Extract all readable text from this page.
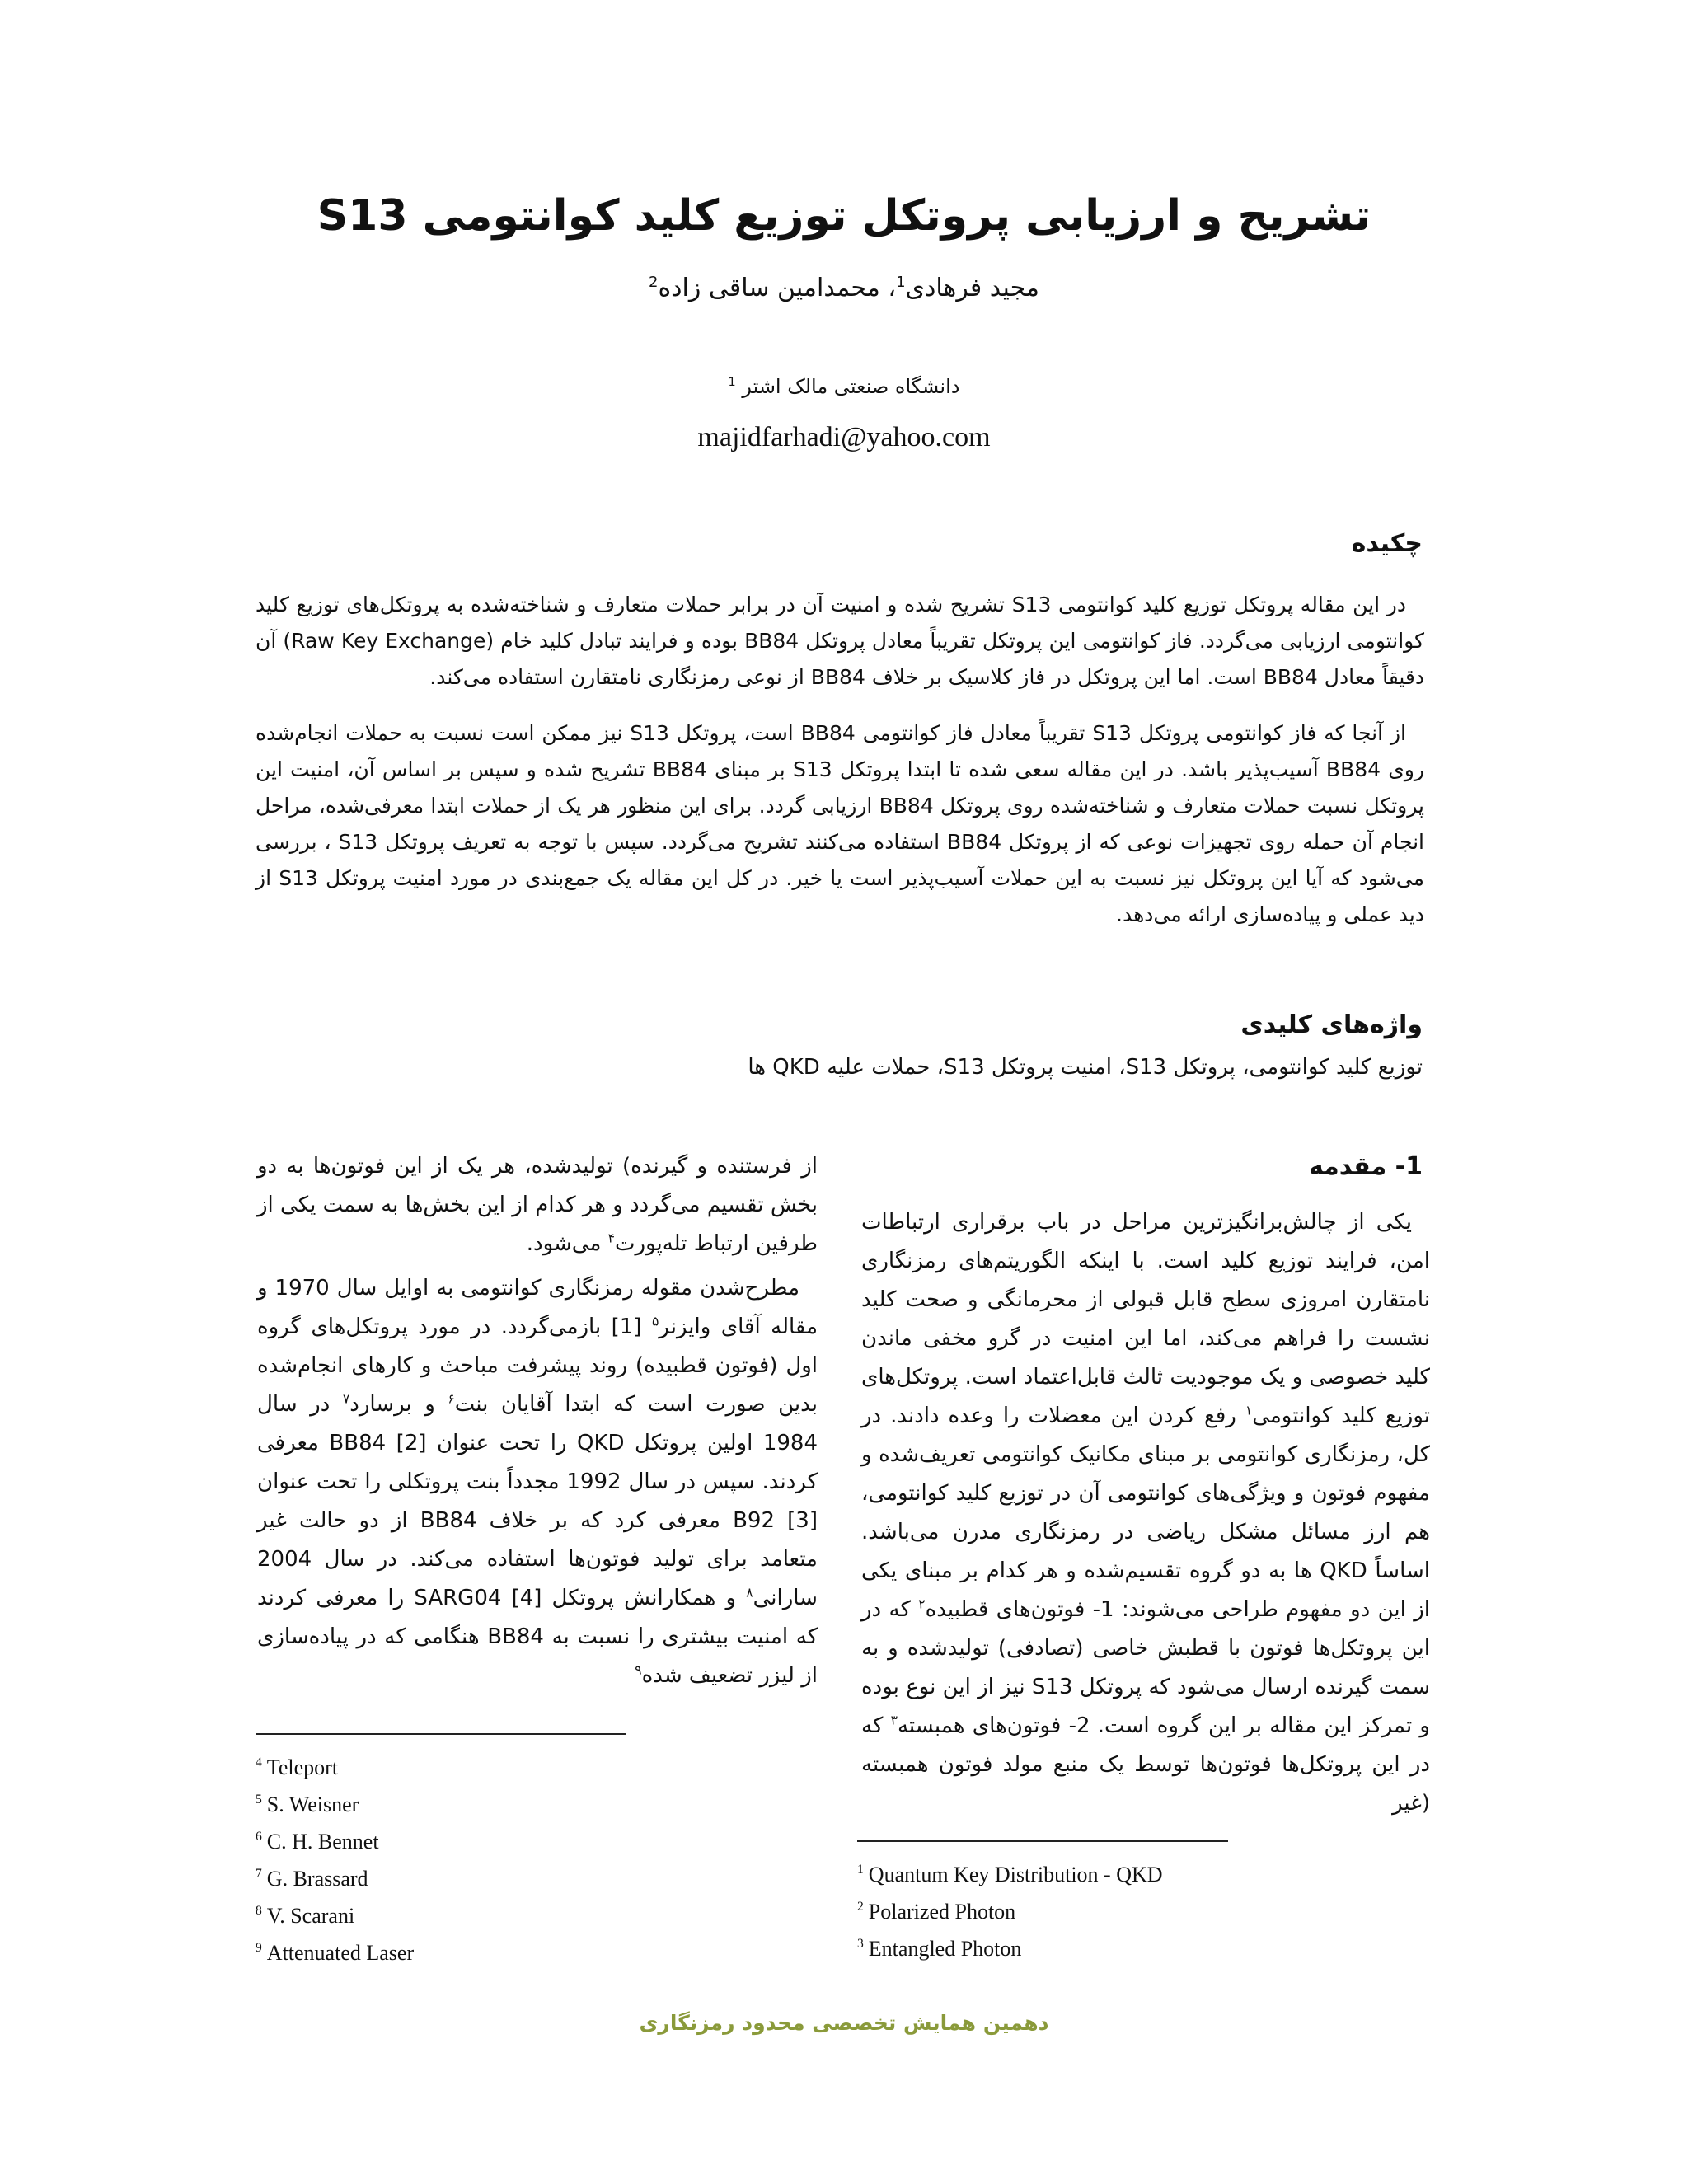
تشریح و ارزیابی پروتکل توزیع کلید کوانتومی S13
مجید فرهادی$^1$، محمدامین ساقی زاده$^2$
دانشگاه صنعتی مالک اشتر $^1$
majidfarhadi@yahoo.com
چکیده
در این مقاله پروتکل توزیع کلید کوانتومی S13 تشریح شده و امنیت آن در برابر حملات متعارف و شناخته‌شده به پروتکل‌های توزیع کلید کوانتومی ارزیابی می‌گردد. فاز کوانتومی این پروتکل تقریباً معادل پروتکل BB84 بوده و فرایند تبادل کلید خام (Raw Key Exchange) آن دقیقاً معادل BB84 است. اما این پروتکل در فاز کلاسیک بر خلاف BB84 از نوعی رمزنگاری نامتقارن استفاده می‌کند.
از آنجا که فاز کوانتومی پروتکل S13 تقریباً معادل فاز کوانتومی BB84 است، پروتکل S13 نیز ممکن است نسبت به حملات انجام‌شده روی BB84 آسیب‌پذیر باشد. در این مقاله سعی شده تا ابتدا پروتکل S13 بر مبنای BB84 تشریح شده و سپس بر اساس آن، امنیت این پروتکل نسبت حملات متعارف و شناخته‌شده روی پروتکل BB84 ارزیابی گردد. برای این منظور هر یک از حملات ابتدا معرفی‌شده، مراحل انجام آن حمله روی تجهیزات نوعی که از پروتکل BB84 استفاده می‌کنند تشریح می‌گردد. سپس با توجه به تعریف پروتکل S13 ، بررسی می‌شود که آیا این پروتکل نیز نسبت به این حملات آسیب‌پذیر است یا خیر. در کل این مقاله یک جمع‌بندی در مورد امنیت پروتکل S13 از دید عملی و پیاده‌سازی ارائه می‌دهد.
واژه‌های کلیدی
توزیع کلید کوانتومی، پروتکل S13، امنیت پروتکل S13، حملات علیه QKD ها
1- مقدمه
یکی از چالش‌برانگیزترین مراحل در باب برقراری ارتباطات امن، فرایند توزیع کلید است. با اینکه الگوریتم‌های رمزنگاری نامتقارن امروزی سطح قابل قبولی از محرمانگی و صحت کلید نشست را فراهم می‌کند، اما این امنیت در گرو مخفی ماندن کلید خصوصی و یک موجودیت ثالث قابل‌اعتماد است. پروتکل‌های توزیع کلید کوانتومی$^۱$ رفع کردن این معضلات را وعده دادند. در کل، رمزنگاری کوانتومی بر مبنای مکانیک کوانتومی تعریف‌شده و مفهوم فوتون و ویژگی‌های کوانتومی آن در توزیع کلید کوانتومی، هم ارز مسائل مشکل ریاضی در رمزنگاری مدرن می‌باشد. اساساً QKD ها به دو گروه تقسیم‌شده و هر کدام بر مبنای یکی از این دو مفهوم طراحی می‌شوند: 1- فوتون‌های قطبیده$^۲$ که در این پروتکل‌ها فوتون با قطبش خاصی (تصادفی) تولیدشده و به سمت گیرنده ارسال می‌شود که پروتکل S13 نیز از این نوع بوده و تمرکز این مقاله بر این گروه است. 2- فوتون‌های همبسته$^۳$ که در این پروتکل‌ها فوتون‌ها توسط یک منبع مولد فوتون همبسته (غیر
از فرستنده و گیرنده) تولیدشده، هر یک از این فوتون‌ها به دو بخش تقسیم می‌گردد و هر کدام از این بخش‌ها به سمت یکی از طرفین ارتباط تله‌پورت$^۴$ می‌شود.
مطرح‌شدن مقوله رمزنگاری کوانتومی به اوایل سال 1970 و مقاله آقای وایزنر$^۵$ [1] بازمی‌گردد. در مورد پروتکل‌های گروه اول (فوتون قطبیده) روند پیشرفت مباحث و کارهای انجام‌شده بدین صورت است که ابتدا آقایان بنت$^۶$ و برسارد$^۷$ در سال 1984 اولین پروتکل QKD را تحت عنوان BB84 [2] معرفی کردند. سپس در سال 1992 مجدداً بنت پروتکلی را تحت عنوان B92 [3] معرفی کرد که بر خلاف BB84 از دو حالت غیر متعامد برای تولید فوتون‌ها استفاده می‌کند. در سال 2004 سارانی$^۸$ و همکارانش پروتکل SARG04 [4] را معرفی کردند که امنیت بیشتری را نسبت به BB84 هنگامی که در پیاده‌سازی از لیزر تضعیف شده$^۹$
$^4$ Teleport
$^5$ S. Weisner
$^6$ C. H. Bennet
$^7$ G. Brassard
$^8$ V. Scarani
$^9$ Attenuated Laser
$^1$ Quantum Key Distribution - QKD
$^2$ Polarized Photon
$^3$ Entangled Photon
دهمین همایش تخصصی محدود رمزنگاری
